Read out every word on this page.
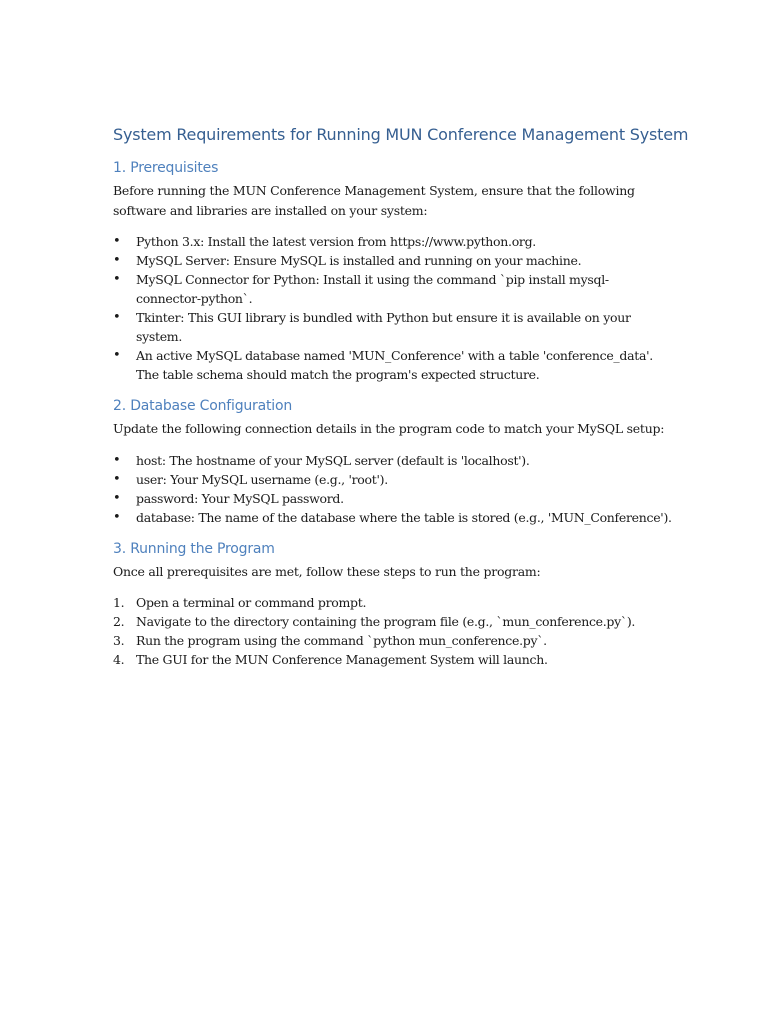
System Requirements for Running MUN Conference Management System
1. Prerequisites

Before running the MUN Conference Management System, ensure that the following software and libraries are installed on your system:

•	Python 3.x: Install the latest version from https://www.python.org.
•	MySQL Server: Ensure MySQL is installed and running on your machine.
•	MySQL Connector for Python: Install it using the command `pip install mysql-connector-python`.
•	Tkinter: This GUI library is bundled with Python but ensure it is available on your system.
•	An active MySQL database named 'MUN_Conference' with a table 'conference_data'. The table schema should match the program's expected structure.
2. Database Configuration

Update the following connection details in the program code to match your MySQL setup:

•	host: The hostname of your MySQL server (default is 'localhost').
•	user: Your MySQL username (e.g., 'root').
•	password: Your MySQL password.
•	database: The name of the database where the table is stored (e.g., 'MUN_Conference').
3. Running the Program

Once all prerequisites are met, follow these steps to run the program:

1. Open a terminal or command prompt.
2. Navigate to the directory containing the program file (e.g., `mun_conference.py`).
3. Run the program using the command `python mun_conference.py`.
4. The GUI for the MUN Conference Management System will launch.
